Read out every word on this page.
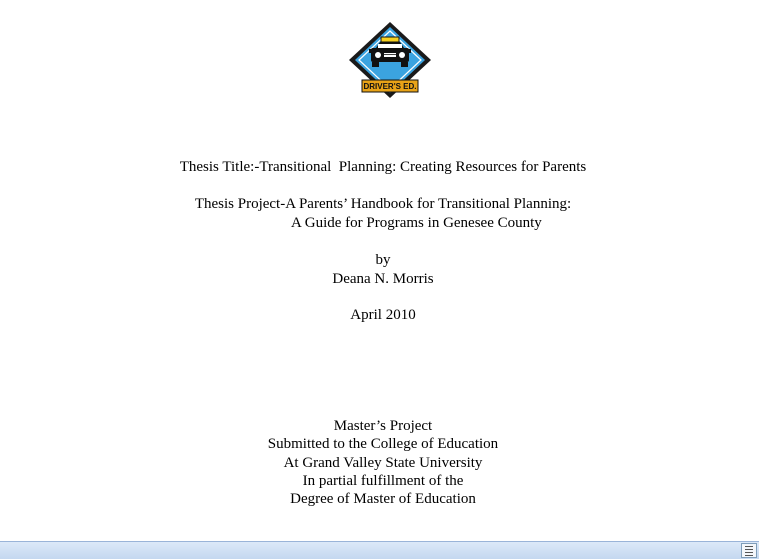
DRIVER'S ED.
Thesis Title:-Transitional  Planning: Creating Resources for Parents
Thesis Project-A Parents’ Handbook for Transitional Planning:
A Guide for Programs in Genesee County
by
Deana N. Morris
April 2010
Master’s Project
Submitted to the College of Education
At Grand Valley State University
In partial fulfillment of the
Degree of Master of Education
